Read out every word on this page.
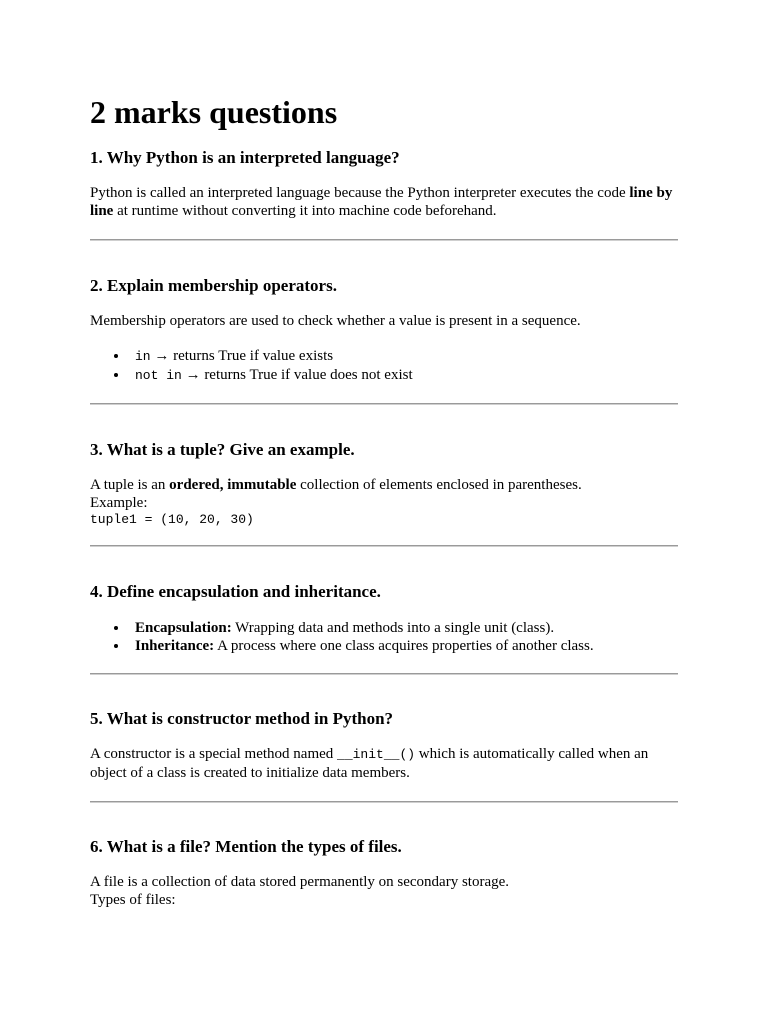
2 marks questions
1. Why Python is an interpreted language?

Python is called an interpreted language because the Python interpreter executes the code line by line at runtime without converting it into machine code beforehand.

2. Explain membership operators.

Membership operators are used to check whether a value is present in a sequence.

in → returns True if value exists
not in → returns True if value does not exist
3. What is a tuple? Give an example.

A tuple is an ordered, immutable collection of elements enclosed in parentheses.
Example:
tuple1 = (10, 20, 30)

4. Define encapsulation and inheritance.
Encapsulation: Wrapping data and methods into a single unit (class).
Inheritance: A process where one class acquires properties of another class.
5. What is constructor method in Python?

A constructor is a special method named __init__() which is automatically called when an object of a class is created to initialize data members.

6. What is a file? Mention the types of files.

A file is a collection of data stored permanently on secondary storage.
Types of files:
